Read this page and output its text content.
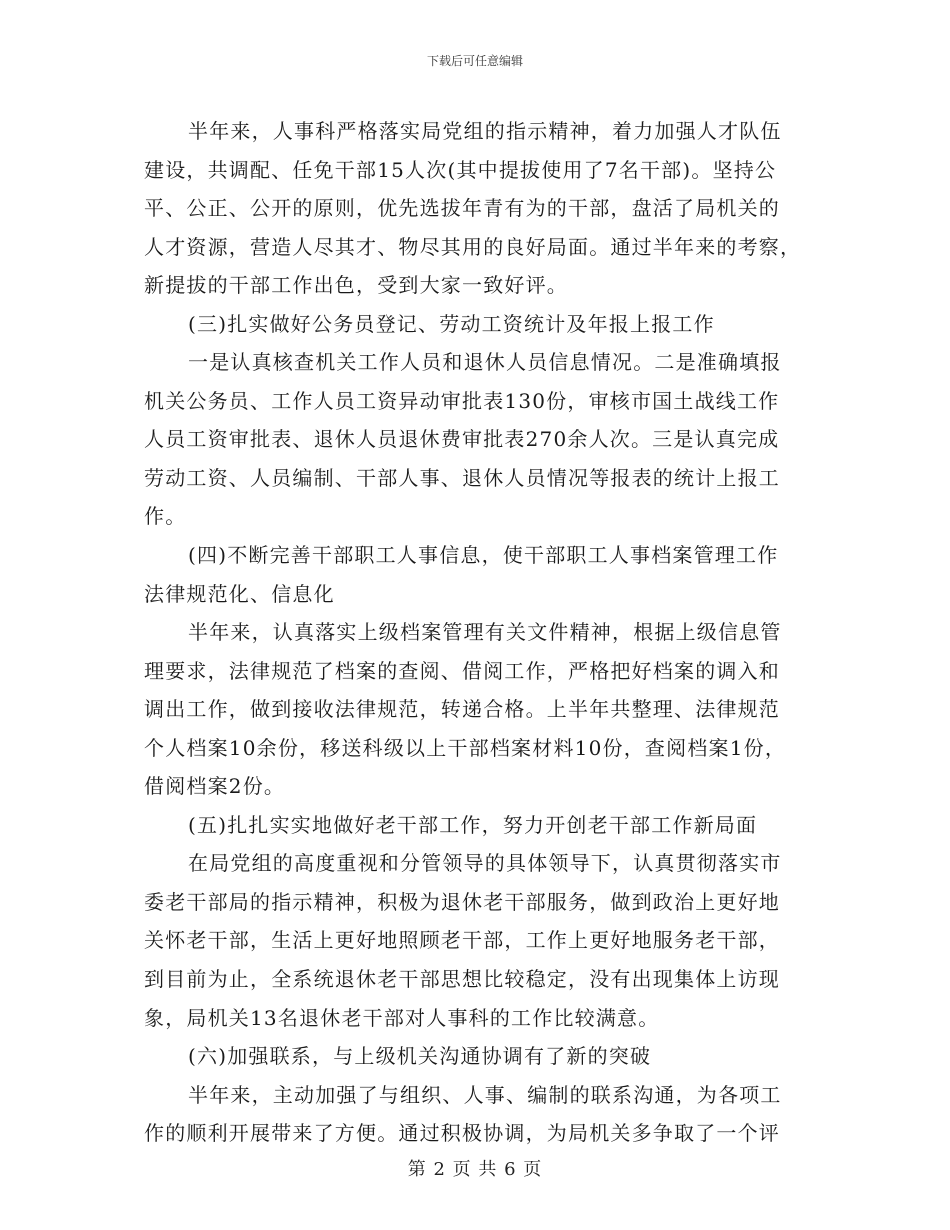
下载后可任意编辑
半年来，人事科严格落实局党组的指示精神，着力加强人才队伍
建设，共调配、任免干部15人次(其中提拔使用了7名干部)。坚持公
平、公正、公开的原则，优先选拔年青有为的干部，盘活了局机关的
人才资源，营造人尽其才、物尽其用的良好局面。通过半年来的考察，
新提拔的干部工作出色，受到大家一致好评。
(三)扎实做好公务员登记、劳动工资统计及年报上报工作
一是认真核查机关工作人员和退休人员信息情况。二是准确填报
机关公务员、工作人员工资异动审批表130份，审核市国土战线工作
人员工资审批表、退休人员退休费审批表270余人次。三是认真完成
劳动工资、人员编制、干部人事、退休人员情况等报表的统计上报工
作。
(四)不断完善干部职工人事信息，使干部职工人事档案管理工作
法律规范化、信息化
半年来，认真落实上级档案管理有关文件精神，根据上级信息管
理要求，法律规范了档案的查阅、借阅工作，严格把好档案的调入和
调出工作，做到接收法律规范，转递合格。上半年共整理、法律规范
个人档案10余份，移送科级以上干部档案材料10份，查阅档案1份，
借阅档案2份。
(五)扎扎实实地做好老干部工作，努力开创老干部工作新局面
在局党组的高度重视和分管领导的具体领导下，认真贯彻落实市
委老干部局的指示精神，积极为退休老干部服务，做到政治上更好地
关怀老干部，生活上更好地照顾老干部，工作上更好地服务老干部，
到目前为止，全系统退休老干部思想比较稳定，没有出现集体上访现
象，局机关13名退休老干部对人事科的工作比较满意。
(六)加强联系，与上级机关沟通协调有了新的突破
半年来，主动加强了与组织、人事、编制的联系沟通，为各项工
作的顺利开展带来了方便。通过积极协调，为局机关多争取了一个评
第 2 页 共 6 页
